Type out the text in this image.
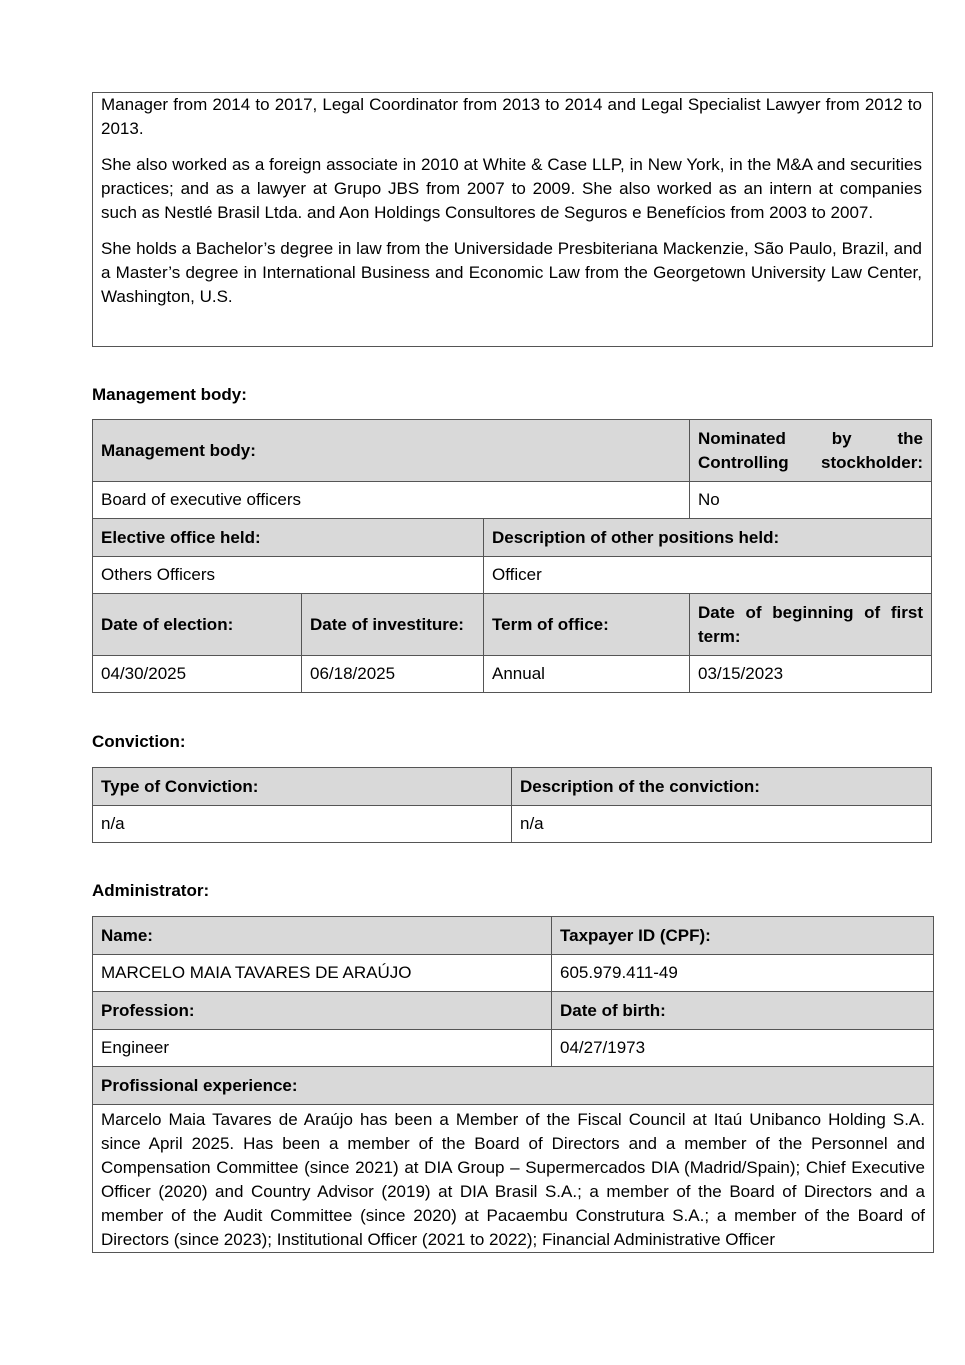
Manager from 2014 to 2017, Legal Coordinator from 2013 to 2014 and Legal Specialist Lawyer from 2012 to 2013.

She also worked as a foreign associate in 2010 at White & Case LLP, in New York, in the M&A and securities practices; and as a lawyer at Grupo JBS from 2007 to 2009. She also worked as an intern at companies such as Nestlé Brasil Ltda. and Aon Holdings Consultores de Seguros e Benefícios from 2003 to 2007.

She holds a Bachelor’s degree in law from the Universidade Presbiteriana Mackenzie, São Paulo, Brazil, and a Master’s degree in International Business and Economic Law from the Georgetown University Law Center, Washington, U.S.

Management body:

Management body:			Nominated by the Controlling stockholder:
Board of executive officers			No
Elective office held:		Description of other positions held:	
Others Officers		Officer	
Date of election:	Date of investiture:	Term of office:	Date of beginning of first term:
04/30/2025	06/18/2025	Annual	03/15/2023

Conviction:

Type of Conviction:	Description of the conviction:
n/a	n/a

Administrator:

Name:	Taxpayer ID (CPF):
MARCELO MAIA TAVARES DE ARAÚJO	605.979.411-49
Profession:	Date of birth:
Engineer	04/27/1973
Profissional experience:	

Marcelo Maia Tavares de Araújo has been a Member of the Fiscal Council at Itaú Unibanco Holding S.A. since April 2025. Has been a member of the Board of Directors and a member of the Personnel and Compensation Committee (since 2021) at DIA Group – Supermercados DIA (Madrid/Spain); Chief Executive Officer (2020) and Country Advisor (2019) at DIA Brasil S.A.; a member of the Board of Directors and a member of the Audit Committee (since 2020) at Pacaembu Construtura S.A.; a member of the Board of Directors (since 2023); Institutional Officer (2021 to 2022); Financial Administrative Officer	
